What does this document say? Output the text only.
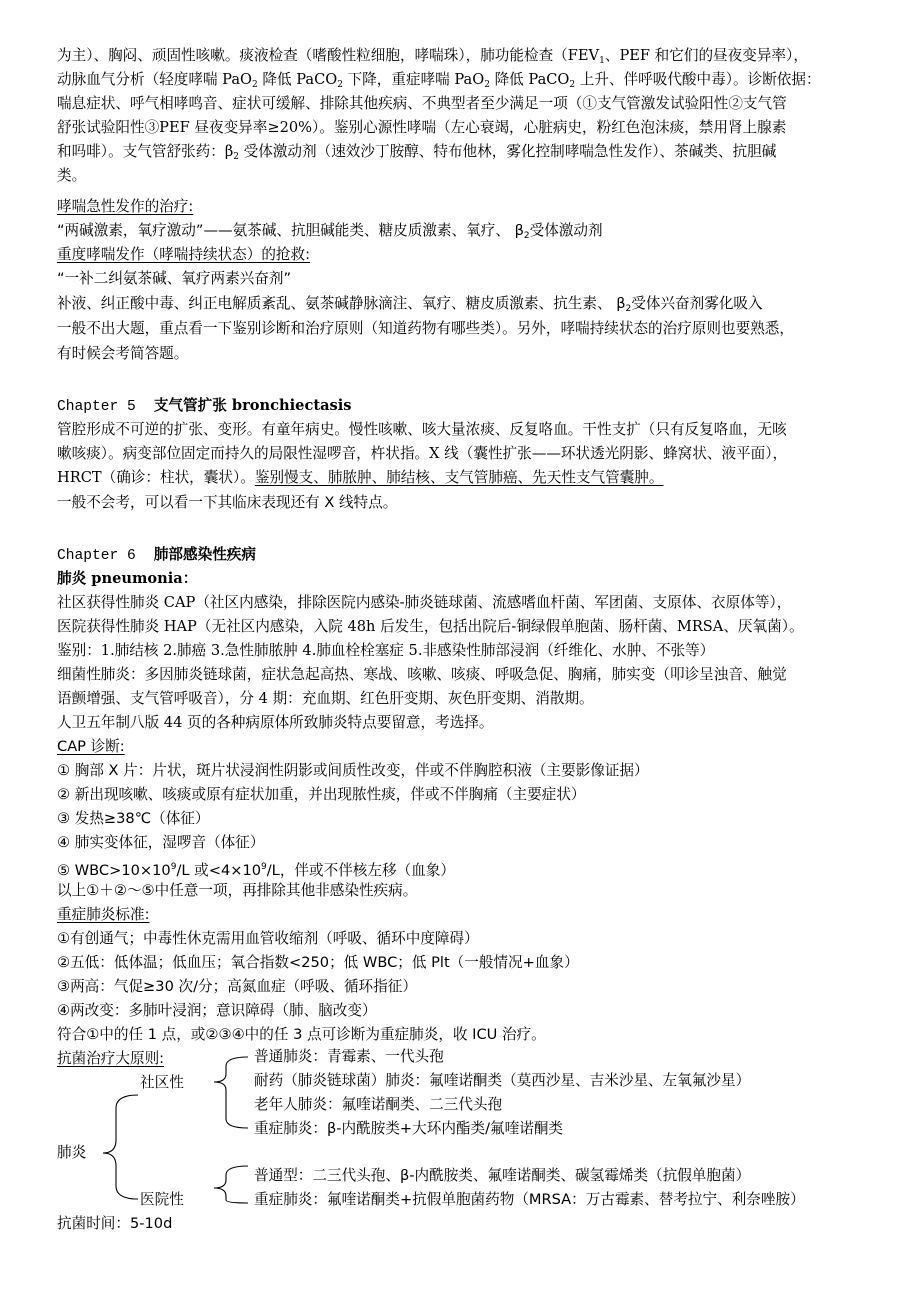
为主）、胸闷、顽固性咳嗽。痰液检查（嗜酸性粒细胞，哮喘珠），肺功能检查（$FEV_1$、PEF 和它们的昼夜变异率），
动脉血气分析（轻度哮喘 PaO$_2$ 降低 PaCO$_2$ 下降，重症哮喘 PaO$_2$ 降低 PaCO$_2$ 上升、伴呼吸代酸中毒）。诊断依据：
喘息症状、呼气相哮鸣音、症状可缓解、排除其他疾病、不典型者至少满足一项（①支气管激发试验阳性②支气管
舒张试验阳性③PEF 昼夜变异率≥20%）。鉴别心源性哮喘（左心衰竭，心脏病史，粉红色泡沫痰，禁用肾上腺素
和吗啡）。支气管舒张药：$\beta_2$ 受体激动剂（速效沙丁胺醇、特布他林，雾化控制哮喘急性发作）、茶碱类、抗胆碱
类。
哮喘急性发作的治疗:
“两碱激素，氧疗激动”——氨茶碱、抗胆碱能类、糖皮质激素、氧疗、 $\beta_2$受体激动剂
重度哮喘发作（哮喘持续状态）的抢救:
“一补二纠氨茶碱、氧疗两素兴奋剂”
补液、纠正酸中毒、纠正电解质紊乱、氨茶碱静脉滴注、氧疗、糖皮质激素、抗生素、 $\beta_2$受体兴奋剂雾化吸入
一般不出大题，重点看一下鉴别诊断和治疗原则（知道药物有哪些类）。另外，哮喘持续状态的治疗原则也要熟悉，
有时候会考简答题。
Chapter 5 支气管扩张 bronchiectasis
管腔形成不可逆的扩张、变形。有童年病史。慢性咳嗽、咳大量浓痰、反复咯血。干性支扩（只有反复咯血，无咳
嗽咳痰）。病变部位固定而持久的局限性湿啰音，杵状指。X 线（囊性扩张——环状透光阴影、蜂窝状、液平面），
HRCT（确诊：柱状，囊状）。鉴别慢支、肺脓肿、肺结核、支气管肺癌、先天性支气管囊肿。
一般不会考，可以看一下其临床表现还有 X 线特点。
Chapter 6 肺部感染性疾病
肺炎 pneumonia：
社区获得性肺炎 CAP（社区内感染，排除医院内感染-肺炎链球菌、流感嗜血杆菌、军团菌、支原体、衣原体等），
医院获得性肺炎 HAP（无社区内感染，入院 48h 后发生，包括出院后-铜绿假单胞菌、肠杆菌、MRSA、厌氧菌）。
鉴别：1.肺结核 2.肺癌 3.急性肺脓肿 4.肺血栓栓塞症 5.非感染性肺部浸润（纤维化、水肿、不张等）
细菌性肺炎：多因肺炎链球菌，症状急起高热、寒战、咳嗽、咳痰、呼吸急促、胸痛，肺实变（叩诊呈浊音、触觉
语颤增强、支气管呼吸音），分 4 期：充血期、红色肝变期、灰色肝变期、消散期。
人卫五年制八版 44 页的各种病原体所致肺炎特点要留意，考选择。
CAP 诊断:
① 胸部 X 片：片状，斑片状浸润性阴影或间质性改变，伴或不伴胸腔积液（主要影像证据）
② 新出现咳嗽、咳痰或原有症状加重，并出现脓性痰，伴或不伴胸痛（主要症状）
③ 发热≥38℃（体征）
④ 肺实变体征，湿啰音（体征）
⑤ $WBC>10\times 10^9/L$ 或$<4\times 10^9/L$，伴或不伴核左移（血象）
以上①＋②～⑤中任意一项，再排除其他非感染性疾病。
重症肺炎标准:
①有创通气；中毒性休克需用血管收缩剂（呼吸、循环中度障碍）
②五低：低体温；低血压；氧合指数<250；低 WBC；低 Plt（一般情况+血象）
③两高：气促≥30 次/分；高氮血症（呼吸、循环指征）
④两改变：多肺叶浸润；意识障碍（肺、脑改变）
符合①中的任 1 点，或②③④中的任 3 点可诊断为重症肺炎，收 ICU 治疗。
抗菌治疗大原则:
社区性
肺炎
医院性
普通肺炎：青霉素、一代头孢
耐药（肺炎链球菌）肺炎：氟喹诺酮类（莫西沙星、吉米沙星、左氧氟沙星）
老年人肺炎：氟喹诺酮类、二三代头孢
重症肺炎：β-内酰胺类+大环内酯类/氟喹诺酮类
普通型：二三代头孢、β-内酰胺类、氟喹诺酮类、碳氢霉烯类（抗假单胞菌）
重症肺炎：氟喹诺酮类+抗假单胞菌药物（MRSA：万古霉素、替考拉宁、利奈唑胺）
抗菌时间：5-10d
